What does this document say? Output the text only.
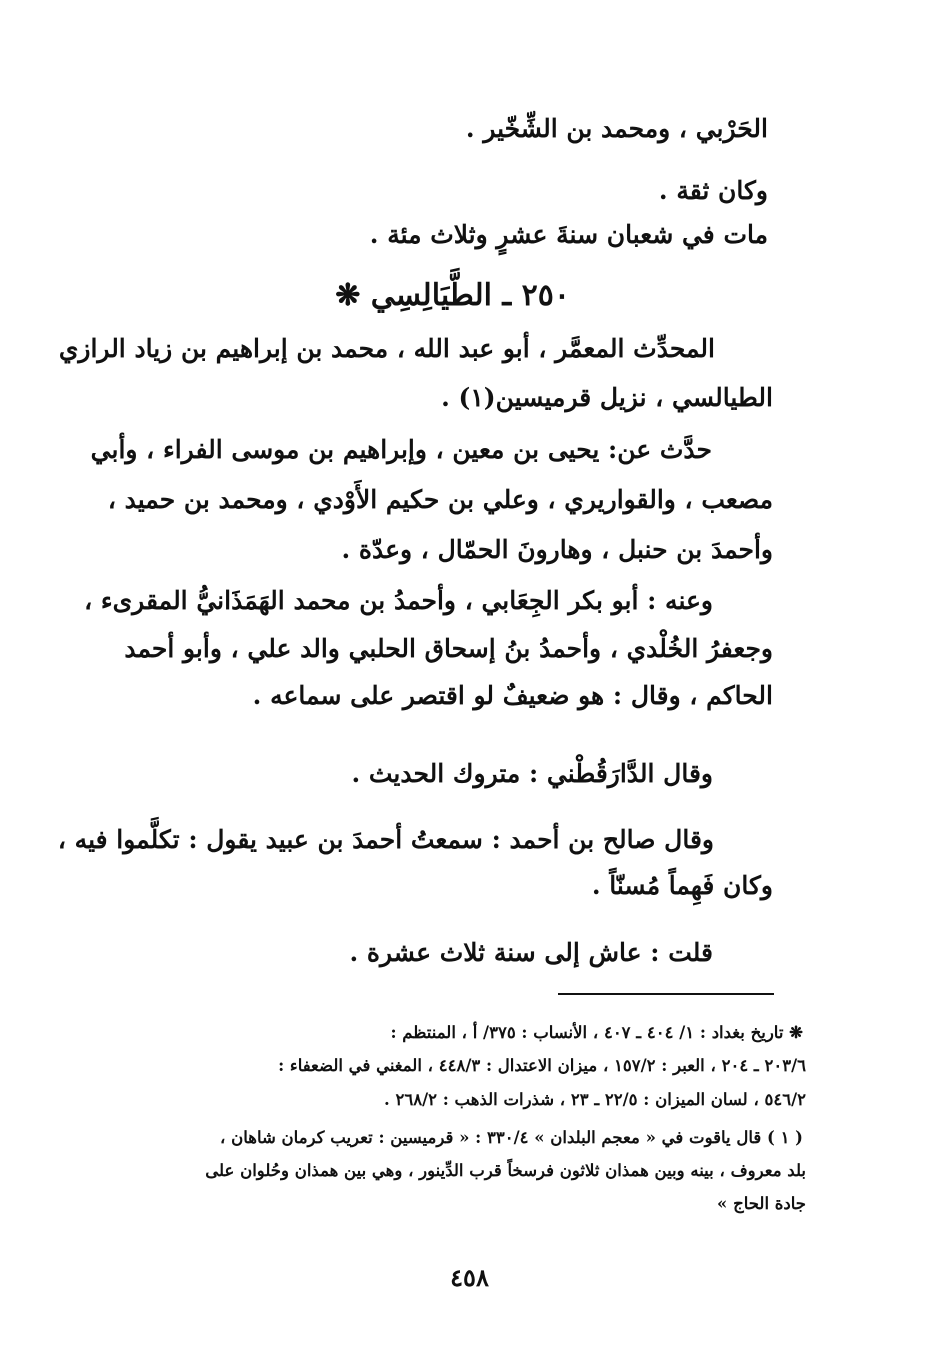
الحَرْبي ، ومحمد بن الشِّخّير .
وكان ثقة .
مات في شعبان سنةَ عشرٍ وثلاث مئة .
٢٥٠ ـ الطَّيَالِسِي ❋
المحدِّث المعمَّر ، أبو عبد الله ، محمد بن إبراهيم بن زياد الرازي
الطيالسي ، نزيل قرميسين(١) .
حدَّث عن: يحيى بن معين ، وإبراهيم بن موسى الفراء ، وأبي
مصعب ، والقواريري ، وعلي بن حكيم الأَوْدي ، ومحمد بن حميد ،
وأحمدَ بن حنبل ، وهارونَ الحمّال ، وعدّة .
وعنه : أبو بكر الجِعَابي ، وأحمدُ بن محمد الهَمَذَانيُّ المقرىء ،
وجعفرُ الخُلْدي ، وأحمدُ بنُ إسحاق الحلبي والد علي ، وأبو أحمد
الحاكم ، وقال : هو ضعيفٌ لو اقتصر على سماعه .
وقال الدَّارَقُطْني : متروك الحديث .
وقال صالح بن أحمد : سمعتُ أحمدَ بن عبيد يقول : تكلَّموا فيه ،
وكان فَهِماً مُسنّاً .
قلت : عاش إلى سنة ثلاث عشرة .
❋ تاريخ بغداد : ١/ ٤٠٤ ـ ٤٠٧ ، الأنساب : ٣٧٥/ أ ، المنتظم :
٢٠٣/٦ ـ ٢٠٤ ، العبر : ١٥٧/٢ ، ميزان الاعتدال : ٤٤٨/٣ ، المغني في الضعفاء :
٥٤٦/٢ ، لسان الميزان : ٢٢/٥ ـ ٢٣ ، شذرات الذهب : ٢٦٨/٢ .
( ١ ) قال ياقوت في « معجم البلدان » ٣٣٠/٤ : « قرميسين : تعريب كرمان شاهان ،
بلد معروف ، بينه وبين همذان ثلاثون فرسخاً قرب الدِّينور ، وهي بين همذان وحُلوان على
جادة الحاج »
٤٥٨
